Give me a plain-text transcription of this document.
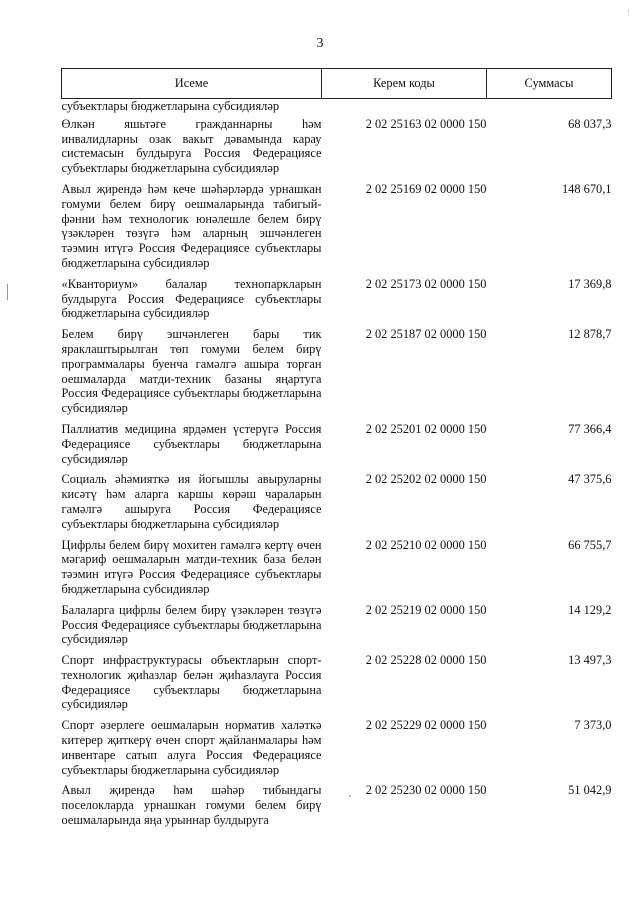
⁝
3
Исеме	Керем коды	Суммасы
субъектлары бюджетларына субсидияләр		
Өлкән яшьтәге гражданнарны һәм инвалидларны озак вакыт дәвамында карау системасын булдыруга Россия Федерациясе субъектлары бюджетларына субсидияләр	2 02 25163 02 0000 150	68 037,3
Авыл җирендә һәм кече шәһәрләрдә урнашкан гомуми белем бирү оешмаларында табигый-фәнни һәм технологик юнәлешле белем бирү үзәкләрен төзүгә һәм аларның эшчәнлеген тәэмин итүгә Россия Федерациясе субъектлары бюджетларына субсидияләр	2 02 25169 02 0000 150	148 670,1
«Кванториум» балалар технопаркларын булдыруга Россия Федерациясе субъектлары бюджетларына субсидияләр	2 02 25173 02 0000 150	17 369,8
Белем бирү эшчәнлеген бары тик яраклаштырылган төп гомуми белем бирү программалары буенча гамәлгә ашыра торган оешмаларда матди-техник базаны яңартуга Россия Федерациясе субъектлары бюджетларына субсидияләр	2 02 25187 02 0000 150	12 878,7
Паллиатив медицина ярдәмен үстерүгә Россия Федерациясе субъектлары бюджетларына субсидияләр	2 02 25201 02 0000 150	77 366,4
Социаль әһәмияткә ия йогышлы авыруларны кисәтү һәм аларга каршы көрәш чараларын гамәлгә ашыруга Россия Федерациясе субъектлары бюджетларына субсидияләр	2 02 25202 02 0000 150	47 375,6
Цифрлы белем бирү мохитен гамәлгә кертү өчен мәгариф оешмаларын матди-техник база белән тәэмин итүгә Россия Федерациясе субъектлары бюджетларына субсидияләр	2 02 25210 02 0000 150	66 755,7
Балаларга цифрлы белем бирү үзәкләрен төзүгә Россия Федерациясе субъектлары бюджетларына субсидияләр	2 02 25219 02 0000 150	14 129,2
Спорт инфраструктурасы объектларын спорт-технологик җиһазлар белән җиһазлауга Россия Федерациясе субъектлары бюджетларына субсидияләр	2 02 25228 02 0000 150	13 497,3
Спорт әзерлеге оешмаларын норматив халәткә китерер җиткерү өчен спорт җайланмалары һәм инвентаре сатып алуга Россия Федерациясе субъектлары бюджетларына субсидияләр	2 02 25229 02 0000 150	7 373,0
Авыл җирендә һәм шәһәр тибындагы поселокларда урнашкан гомуми белем бирү оешмаларында яңа урыннар булдыруга	2 02 25230 02 0000 150	51 042,9
